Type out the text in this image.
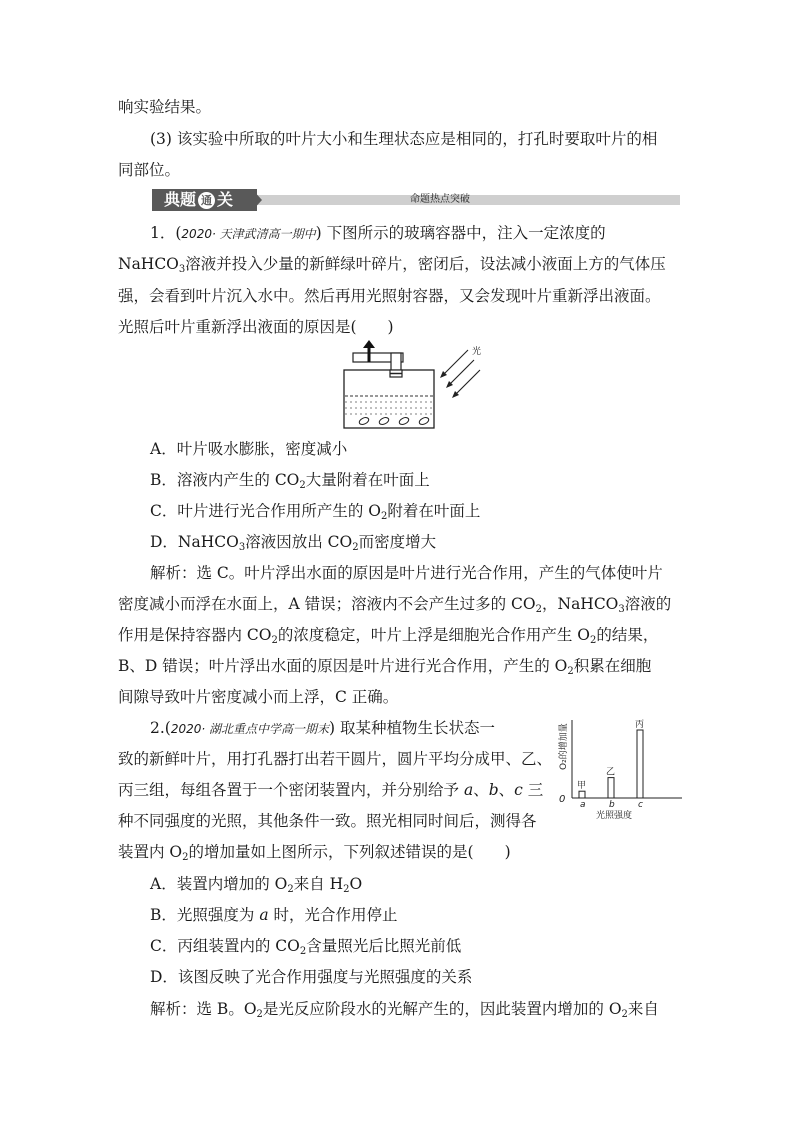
响实验结果。
(3) 该实验中所取的叶片大小和生理状态应是相同的，打孔时要取叶片的相
同部位。
典题 通 关	命题热点突破
1．(2020· 天津武清高一期中) 下图所示的玻璃容器中，注入一定浓度的
NaHCO$_3$溶液并投入少量的新鲜绿叶碎片，密闭后，设法减小液面上方的气体压
强，会看到叶片沉入水中。然后再用光照射容器，又会发现叶片重新浮出液面。
光照后叶片重新浮出液面的原因是(　　)
光
A．叶片吸水膨胀，密度减小
B．溶液内产生的 $CO_2$大量附着在叶面上
C．叶片进行光合作用所产生的 $O_2$附着在叶面上
D．NaHCO$_3$溶液因放出 $CO_2$而密度增大
解析：选 C。叶片浮出水面的原因是叶片进行光合作用，产生的气体使叶片
密度减小而浮在水面上，A 错误；溶液内不会产生过多的 $CO_2$，NaHCO$_3$溶液的
作用是保持容器内 $CO_2$的浓度稳定，叶片上浮是细胞光合作用产生 $O_2$的结果，
B、D 错误；叶片浮出水面的原因是叶片进行光合作用，产生的 $O_2$积累在细胞
间隙导致叶片密度减小而上浮，C 正确。
2.(2020· 湖北重点中学高一期末) 取某种植物生长状态一
致的新鲜叶片，用打孔器打出若干圆片，圆片平均分成甲、乙、
丙三组，每组各置于一个密闭装置内，并分别给予 a、b、c 三
种不同强度的光照，其他条件一致。照光相同时间后，测得各
装置内 $O_2$的增加量如上图所示，下列叙述错误的是(　　)
O₂的增加量
0
光照强度
甲
a
乙
b
丙
c
A．装置内增加的 $O_2$来自 $H_2O$
B．光照强度为 a 时，光合作用停止
C．丙组装置内的 $CO_2$含量照光后比照光前低
D．该图反映了光合作用强度与光照强度的关系
解析：选 B。$O_2$是光反应阶段水的光解产生的，因此装置内增加的 $O_2$来自
